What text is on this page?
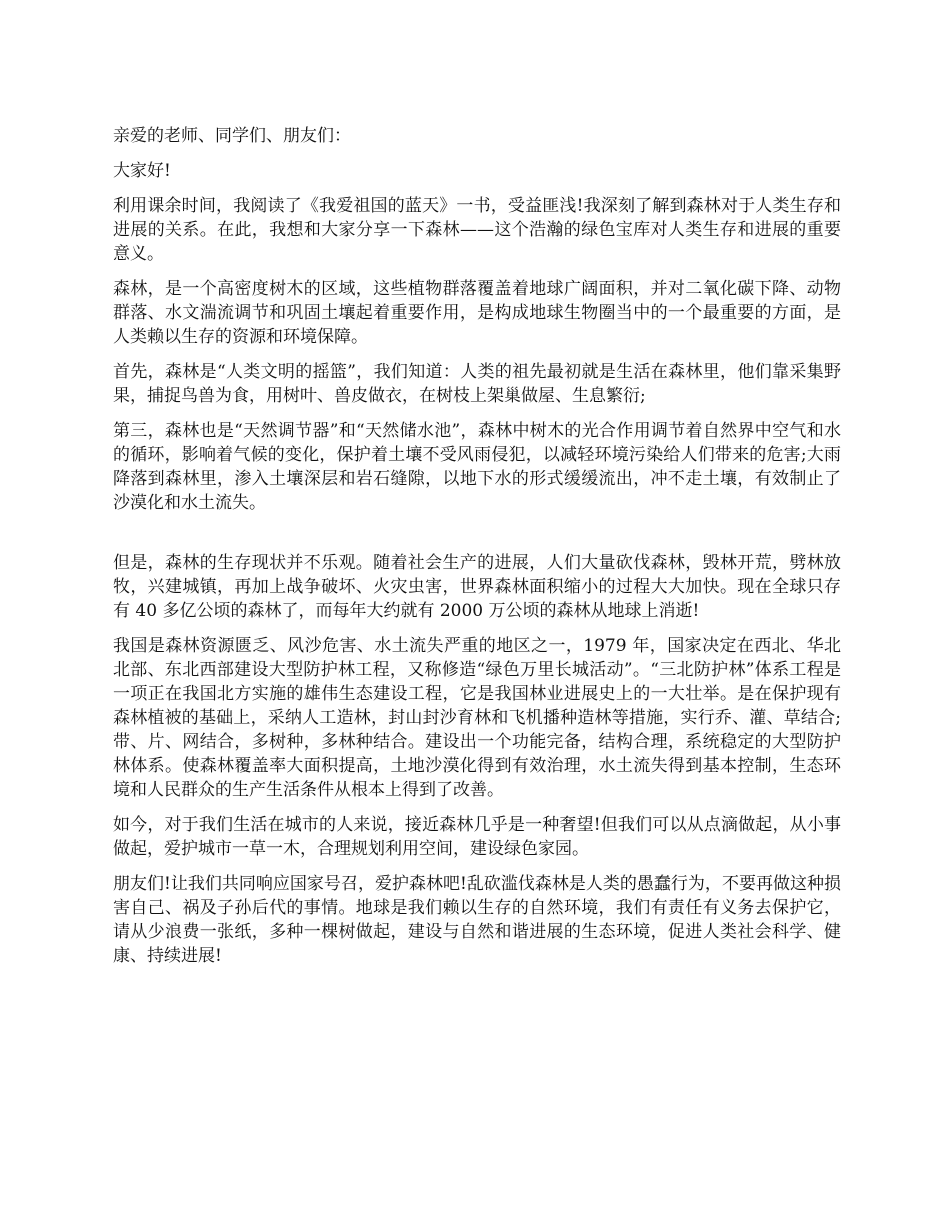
亲爱的老师、同学们、朋友们：

大家好!

利用课余时间，我阅读了《我爱祖国的蓝天》一书，受益匪浅!我深刻了解到森林对于人类生存和进展的关系。在此，我想和大家分享一下森林——这个浩瀚的绿色宝库对人类生存和进展的重要意义。

森林，是一个高密度树木的区域，这些植物群落覆盖着地球广阔面积，并对二氧化碳下降、动物群落、水文湍流调节和巩固土壤起着重要作用，是构成地球生物圈当中的一个最重要的方面，是人类赖以生存的资源和环境保障。

首先，森林是“人类文明的摇篮”，我们知道：人类的祖先最初就是生活在森林里，他们靠采集野果，捕捉鸟兽为食，用树叶、兽皮做衣，在树枝上架巢做屋、生息繁衍;

第三，森林也是“天然调节器”和“天然储水池”，森林中树木的光合作用调节着自然界中空气和水的循环，影响着气候的变化，保护着土壤不受风雨侵犯，以减轻环境污染给人们带来的危害;大雨降落到森林里，渗入土壤深层和岩石缝隙，以地下水的形式缓缓流出，冲不走土壤，有效制止了沙漠化和水土流失。

但是，森林的生存现状并不乐观。随着社会生产的进展，人们大量砍伐森林，毁林开荒，劈林放牧，兴建城镇，再加上战争破坏、火灾虫害，世界森林面积缩小的过程大大加快。现在全球只存有 40 多亿公顷的森林了，而每年大约就有 2000 万公顷的森林从地球上消逝!

我国是森林资源匮乏、风沙危害、水土流失严重的地区之一，1979 年，国家决定在西北、华北北部、东北西部建设大型防护林工程，又称修造“绿色万里长城活动”。“三北防护林”体系工程是一项正在我国北方实施的雄伟生态建设工程，它是我国林业进展史上的一大壮举。是在保护现有森林植被的基础上，采纳人工造林，封山封沙育林和飞机播种造林等措施，实行乔、灌、草结合;带、片、网结合，多树种，多林种结合。建设出一个功能完备，结构合理，系统稳定的大型防护林体系。使森林覆盖率大面积提高，土地沙漠化得到有效治理，水土流失得到基本控制，生态环境和人民群众的生产生活条件从根本上得到了改善。

如今，对于我们生活在城市的人来说，接近森林几乎是一种奢望!但我们可以从点滴做起，从小事做起，爱护城市一草一木，合理规划利用空间，建设绿色家园。

朋友们!让我们共同响应国家号召，爱护森林吧!乱砍滥伐森林是人类的愚蠢行为，不要再做这种损害自己、祸及子孙后代的事情。地球是我们赖以生存的自然环境，我们有责任有义务去保护它，请从少浪费一张纸，多种一棵树做起，建设与自然和谐进展的生态环境，促进人类社会科学、健康、持续进展!
